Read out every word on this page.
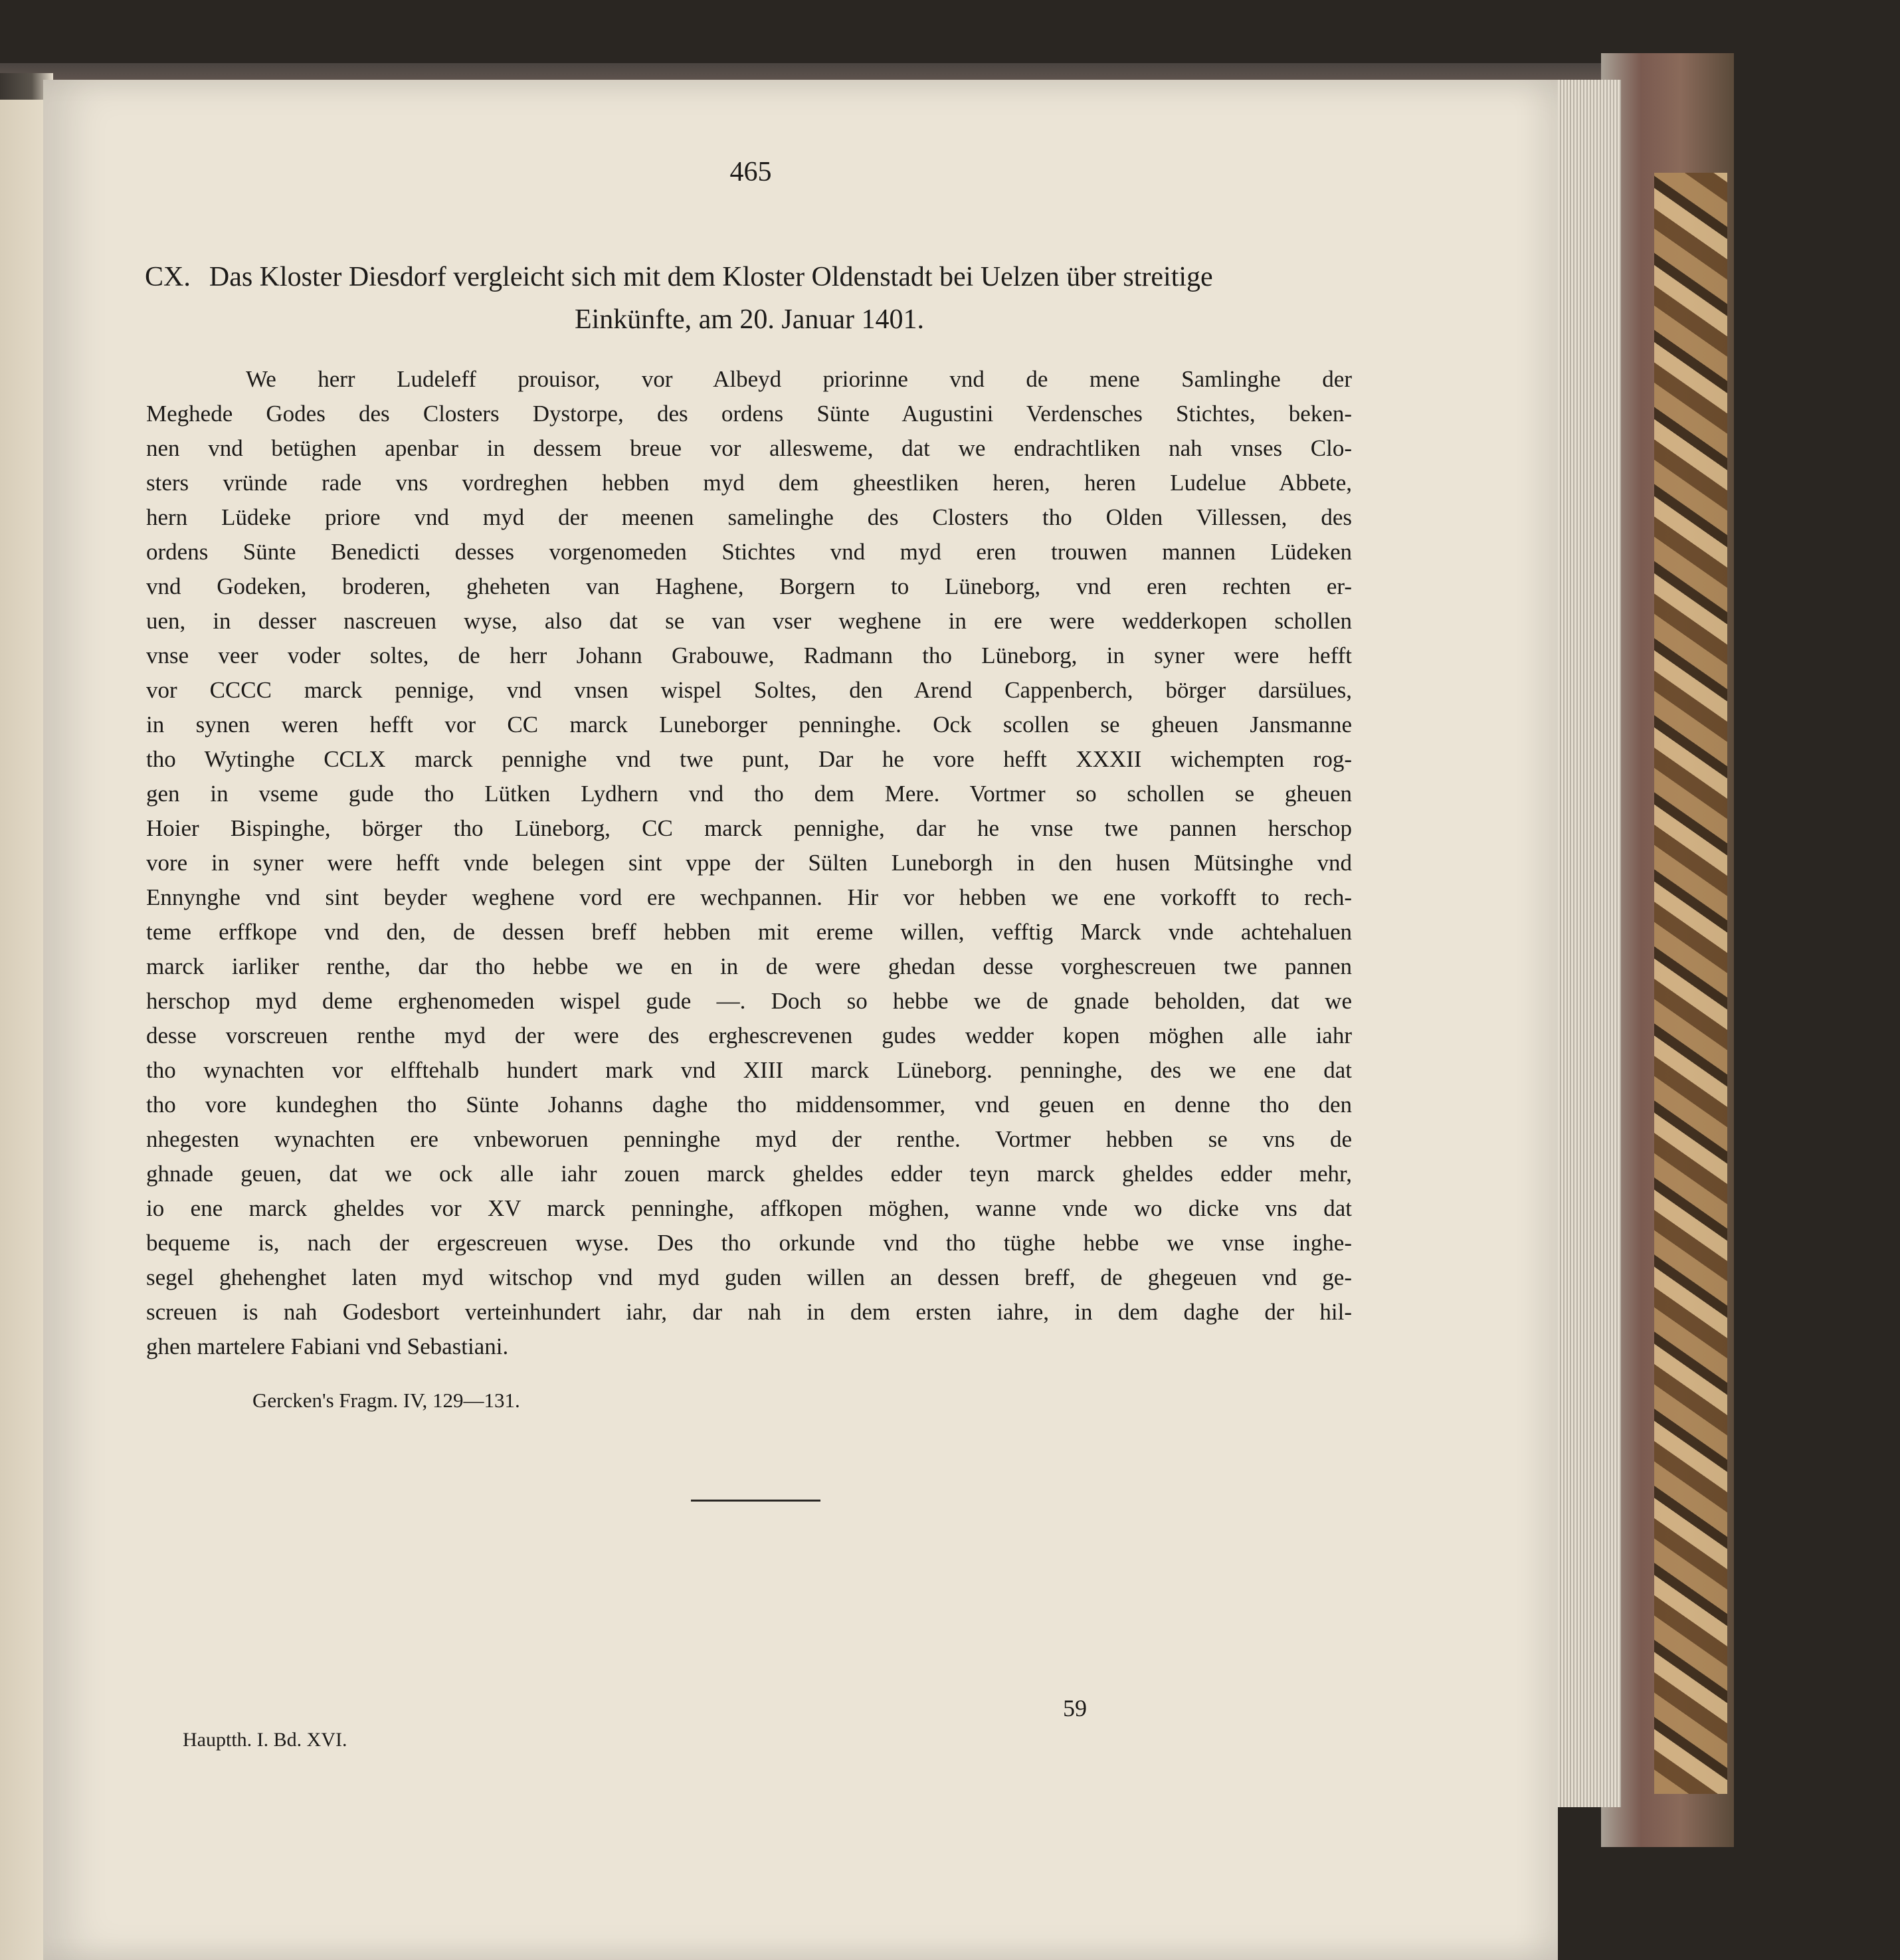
465
CX. Das Kloster Diesdorf vergleicht sich mit dem Kloster Oldenstadt bei Uelzen über streitige
Einkünfte, am 20. Januar 1401.
We herr Ludeleff prouisor, vor Albeyd priorinne vnd de mene Samlinghe der
Meghede Godes des Closters Dystorpe, des ordens Sünte Augustini Verdensches Stichtes, beken-
nen vnd betüghen apenbar in dessem breue vor allesweme, dat we endrachtliken nah vnses Clo-
sters vründe rade vns vordreghen hebben myd dem gheestliken heren, heren Ludelue Abbete,
hern Lüdeke priore vnd myd der meenen samelinghe des Closters tho Olden Villessen, des
ordens Sünte Benedicti desses vorgenomeden Stichtes vnd myd eren trouwen mannen Lüdeken
vnd Godeken, broderen, gheheten van Haghene, Borgern to Lüneborg, vnd eren rechten er-
uen, in desser nascreuen wyse, also dat se van vser weghene in ere were wedderkopen schollen
vnse veer voder soltes, de herr Johann Grabouwe, Radmann tho Lüneborg, in syner were hefft
vor CCCC marck pennige, vnd vnsen wispel Soltes, den Arend Cappenberch, börger darsülues,
in synen weren hefft vor CC marck Luneborger penninghe. Ock scollen se gheuen Jansmanne
tho Wytinghe CCLX marck pennighe vnd twe punt, Dar he vore hefft XXXII wichempten rog-
gen in vseme gude tho Lütken Lydhern vnd tho dem Mere. Vortmer so schollen se gheuen
Hoier Bispinghe, börger tho Lüneborg, CC marck pennighe, dar he vnse twe pannen herschop
vore in syner were hefft vnde belegen sint vppe der Sülten Luneborgh in den husen Mütsinghe vnd
Ennynghe vnd sint beyder weghene vord ere wechpannen. Hir vor hebben we ene vorkofft to rech-
teme erffkope vnd den, de dessen breff hebben mit ereme willen, vefftig Marck vnde achtehaluen
marck iarliker renthe, dar tho hebbe we en in de were ghedan desse vorghescreuen twe pannen
herschop myd deme erghenomeden wispel gude —. Doch so hebbe we de gnade beholden, dat we
desse vorscreuen renthe myd der were des erghescrevenen gudes wedder kopen möghen alle iahr
tho wynachten vor elfftehalb hundert mark vnd XIII marck Lüneborg. penninghe, des we ene dat
tho vore kundeghen tho Sünte Johanns daghe tho middensommer, vnd geuen en denne tho den
nhegesten wynachten ere vnbeworuen penninghe myd der renthe. Vortmer hebben se vns de
ghnade geuen, dat we ock alle iahr zouen marck gheldes edder teyn marck gheldes edder mehr,
io ene marck gheldes vor XV marck penninghe, affkopen möghen, wanne vnde wo dicke vns dat
bequeme is, nach der ergescreuen wyse. Des tho orkunde vnd tho tüghe hebbe we vnse inghe-
segel ghehenghet laten myd witschop vnd myd guden willen an dessen breff, de ghegeuen vnd ge-
screuen is nah Godesbort verteinhundert iahr, dar nah in dem ersten iahre, in dem daghe der hil-
ghen martelere Fabiani vnd Sebastiani.
Gercken's Fragm. IV, 129—131.
Hauptth. I. Bd. XVI.
59
